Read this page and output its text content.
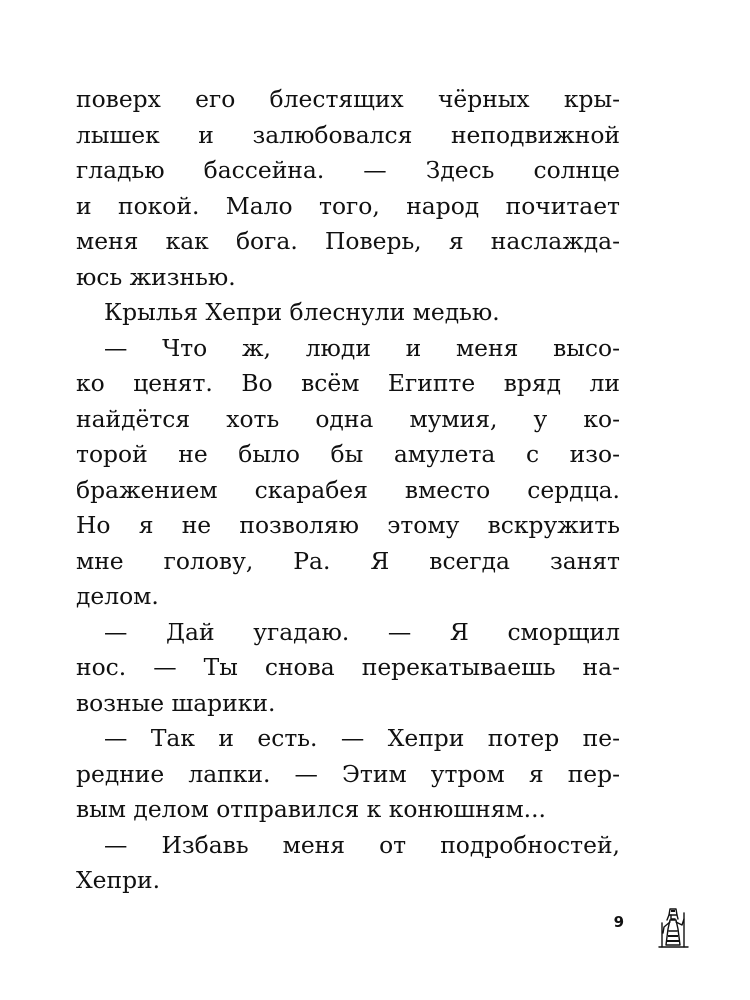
поверх его блестящих чёрных кры-
лышек и залюбовался неподвижной
гладью бассейна. — Здесь солнце
и покой. Мало того, народ почитает
меня как бога. Поверь, я наслажда-
юсь жизнью.
Крылья Хепри блеснули медью.
— Что ж, люди и меня высо-
ко ценят. Во всём Египте вряд ли
найдётся хоть одна мумия, у ко-
торой не было бы амулета с изо-
бражением скарабея вместо сердца.
Но я не позволяю этому вскружить
мне голову, Ра. Я всегда занят
делом.
— Дай угадаю. — Я сморщил
нос. — Ты снова перекатываешь на-
возные шарики.
— Так и есть. — Хепри потер пе-
редние лапки. — Этим утром я пер-
вым делом отправился к конюшням...
— Избавь меня от подробностей,
Хепри.
9
